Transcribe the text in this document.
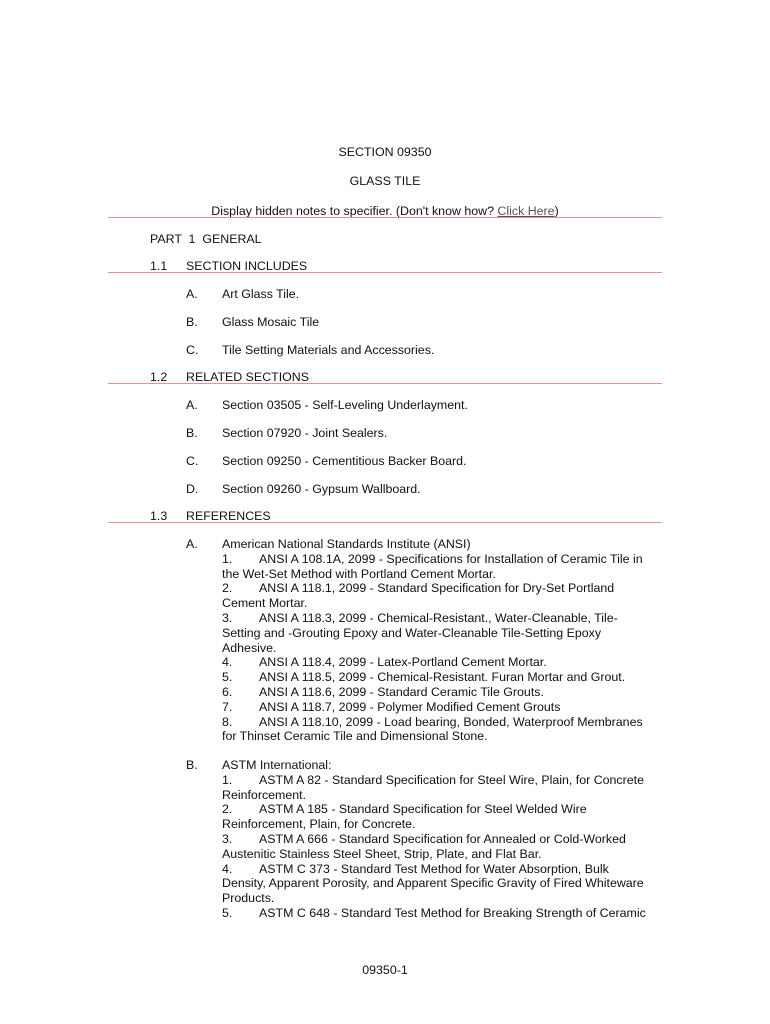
SECTION 09350
GLASS TILE
Display hidden notes to specifier. (Don't know how? Click Here)
PART  1  GENERAL
1.1 SECTION INCLUDES
A. Art Glass Tile.
B. Glass Mosaic Tile
C. Tile Setting Materials and Accessories.
1.2 RELATED SECTIONS
A. Section 03505 - Self-Leveling Underlayment.
B. Section 07920 - Joint Sealers.
C. Section 09250 - Cementitious Backer Board.
D. Section 09260 - Gypsum Wallboard.
1.3 REFERENCES
A. American National Standards Institute (ANSI)
1. ANSI A 108.1A, 2099 - Specifications for Installation of Ceramic Tile in
the Wet-Set Method with Portland Cement Mortar.
2. ANSI A 118.1, 2099 - Standard Specification for Dry-Set Portland
Cement Mortar.
3. ANSI A 118.3, 2099 - Chemical-Resistant., Water-Cleanable, Tile-
Setting and -Grouting Epoxy and Water-Cleanable Tile-Setting Epoxy
Adhesive.
4. ANSI A 118.4, 2099 - Latex-Portland Cement Mortar.
5. ANSI A 118.5, 2099 - Chemical-Resistant. Furan Mortar and Grout.
6. ANSI A 118.6, 2099 - Standard Ceramic Tile Grouts.
7. ANSI A 118.7, 2099 - Polymer Modified Cement Grouts
8. ANSI A 118.10, 2099 - Load bearing, Bonded, Waterproof Membranes
for Thinset Ceramic Tile and Dimensional Stone.
B. ASTM International:
1. ASTM A 82 - Standard Specification for Steel Wire, Plain, for Concrete
Reinforcement.
2. ASTM A 185 - Standard Specification for Steel Welded Wire
Reinforcement, Plain, for Concrete.
3. ASTM A 666 - Standard Specification for Annealed or Cold-Worked
Austenitic Stainless Steel Sheet, Strip, Plate, and Flat Bar.
4. ASTM C 373 - Standard Test Method for Water Absorption, Bulk
Density, Apparent Porosity, and Apparent Specific Gravity of Fired Whiteware
Products.
5. ASTM C 648 - Standard Test Method for Breaking Strength of Ceramic
09350-1
